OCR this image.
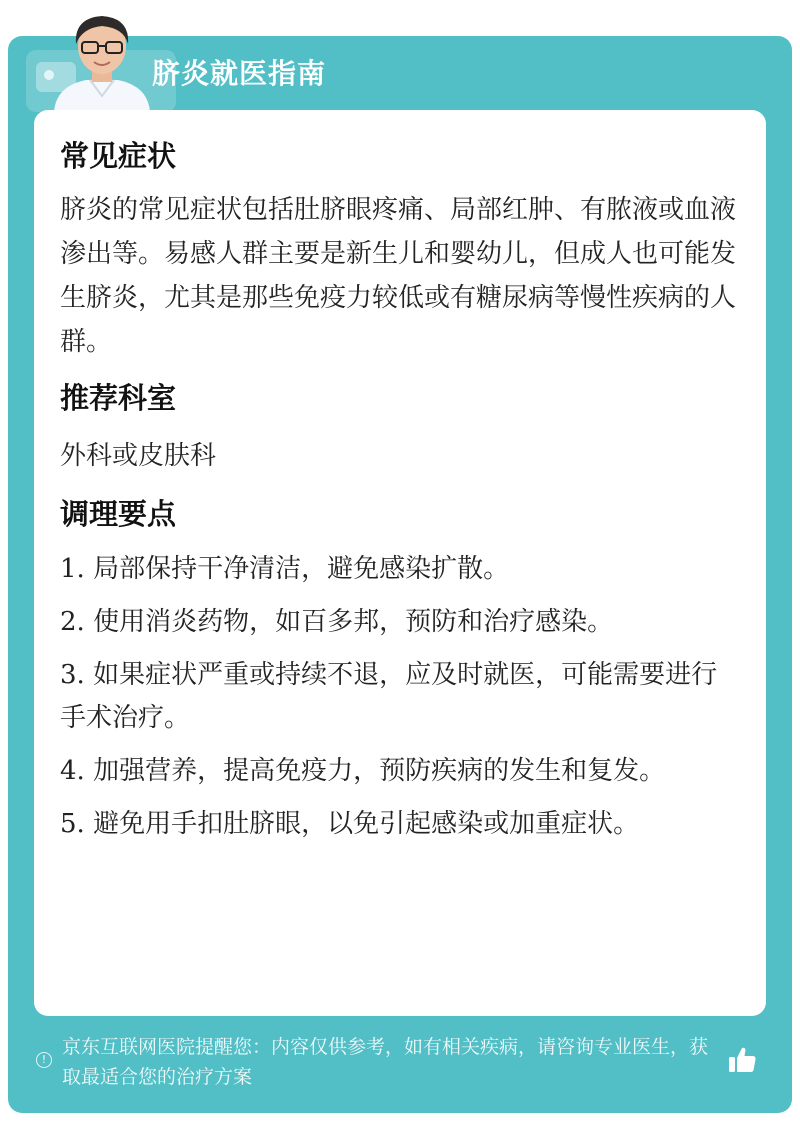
脐炎就医指南
常见症状

脐炎的常见症状包括肚脐眼疼痛、局部红肿、有脓液或血液渗出等。易感人群主要是新生儿和婴幼儿，但成人也可能发生脐炎，尤其是那些免疫力较低或有糖尿病等慢性疾病的人群。

推荐科室

外科或皮肤科

调理要点
1. 局部保持干净清洁，避免感染扩散。
2. 使用消炎药物，如百多邦，预防和治疗感染。
3. 如果症状严重或持续不退，应及时就医，可能需要进行手术治疗。
4. 加强营养，提高免疫力，预防疾病的发生和复发。
5. 避免用手扣肚脐眼，以免引起感染或加重症状。
!
京东互联网医院提醒您：内容仅供参考，如有相关疾病，请咨询专业医生，获取最适合您的治疗方案
